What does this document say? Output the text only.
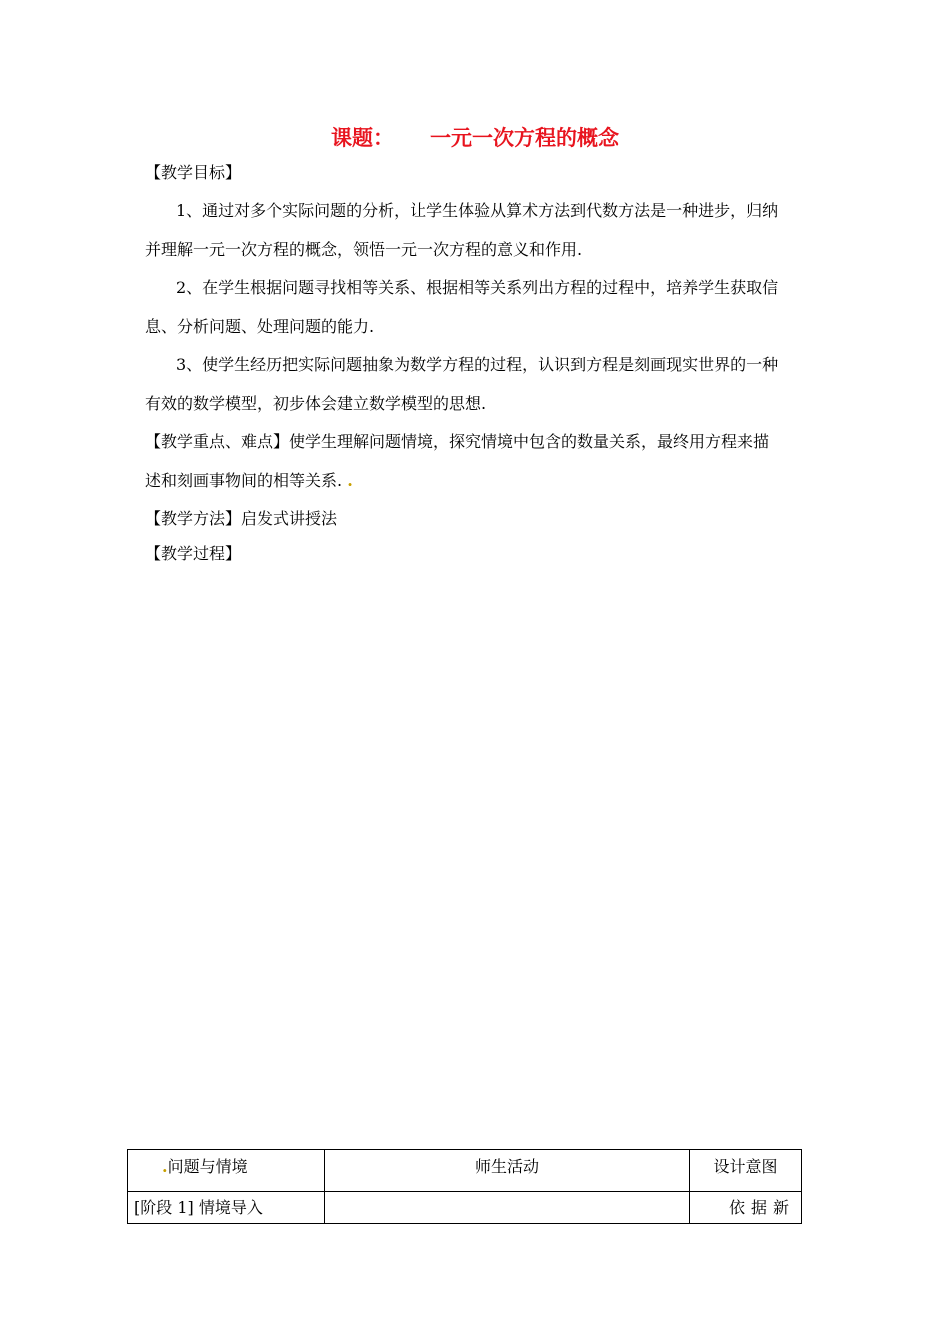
课题： 一元一次方程的概念
【教学目标】
1、通过对多个实际问题的分析，让学生体验从算术方法到代数方法是一种进步，归纳
并理解一元一次方程的概念，领悟一元一次方程的意义和作用.
2、在学生根据问题寻找相等关系、根据相等关系列出方程的过程中，培养学生获取信
息、分析问题、处理问题的能力.
3、使学生经历把实际问题抽象为数学方程的过程，认识到方程是刻画现实世界的一种
有效的数学模型，初步体会建立数学模型的思想.
【教学重点、难点】使学生理解问题情境，探究情境中包含的数量关系，最终用方程来描
述和刻画事物间的相等关系. .
【教学方法】启发式讲授法
【教学过程】
.问题与情境	师生活动	设计意图
[阶段 1] 情境导入		依据新
